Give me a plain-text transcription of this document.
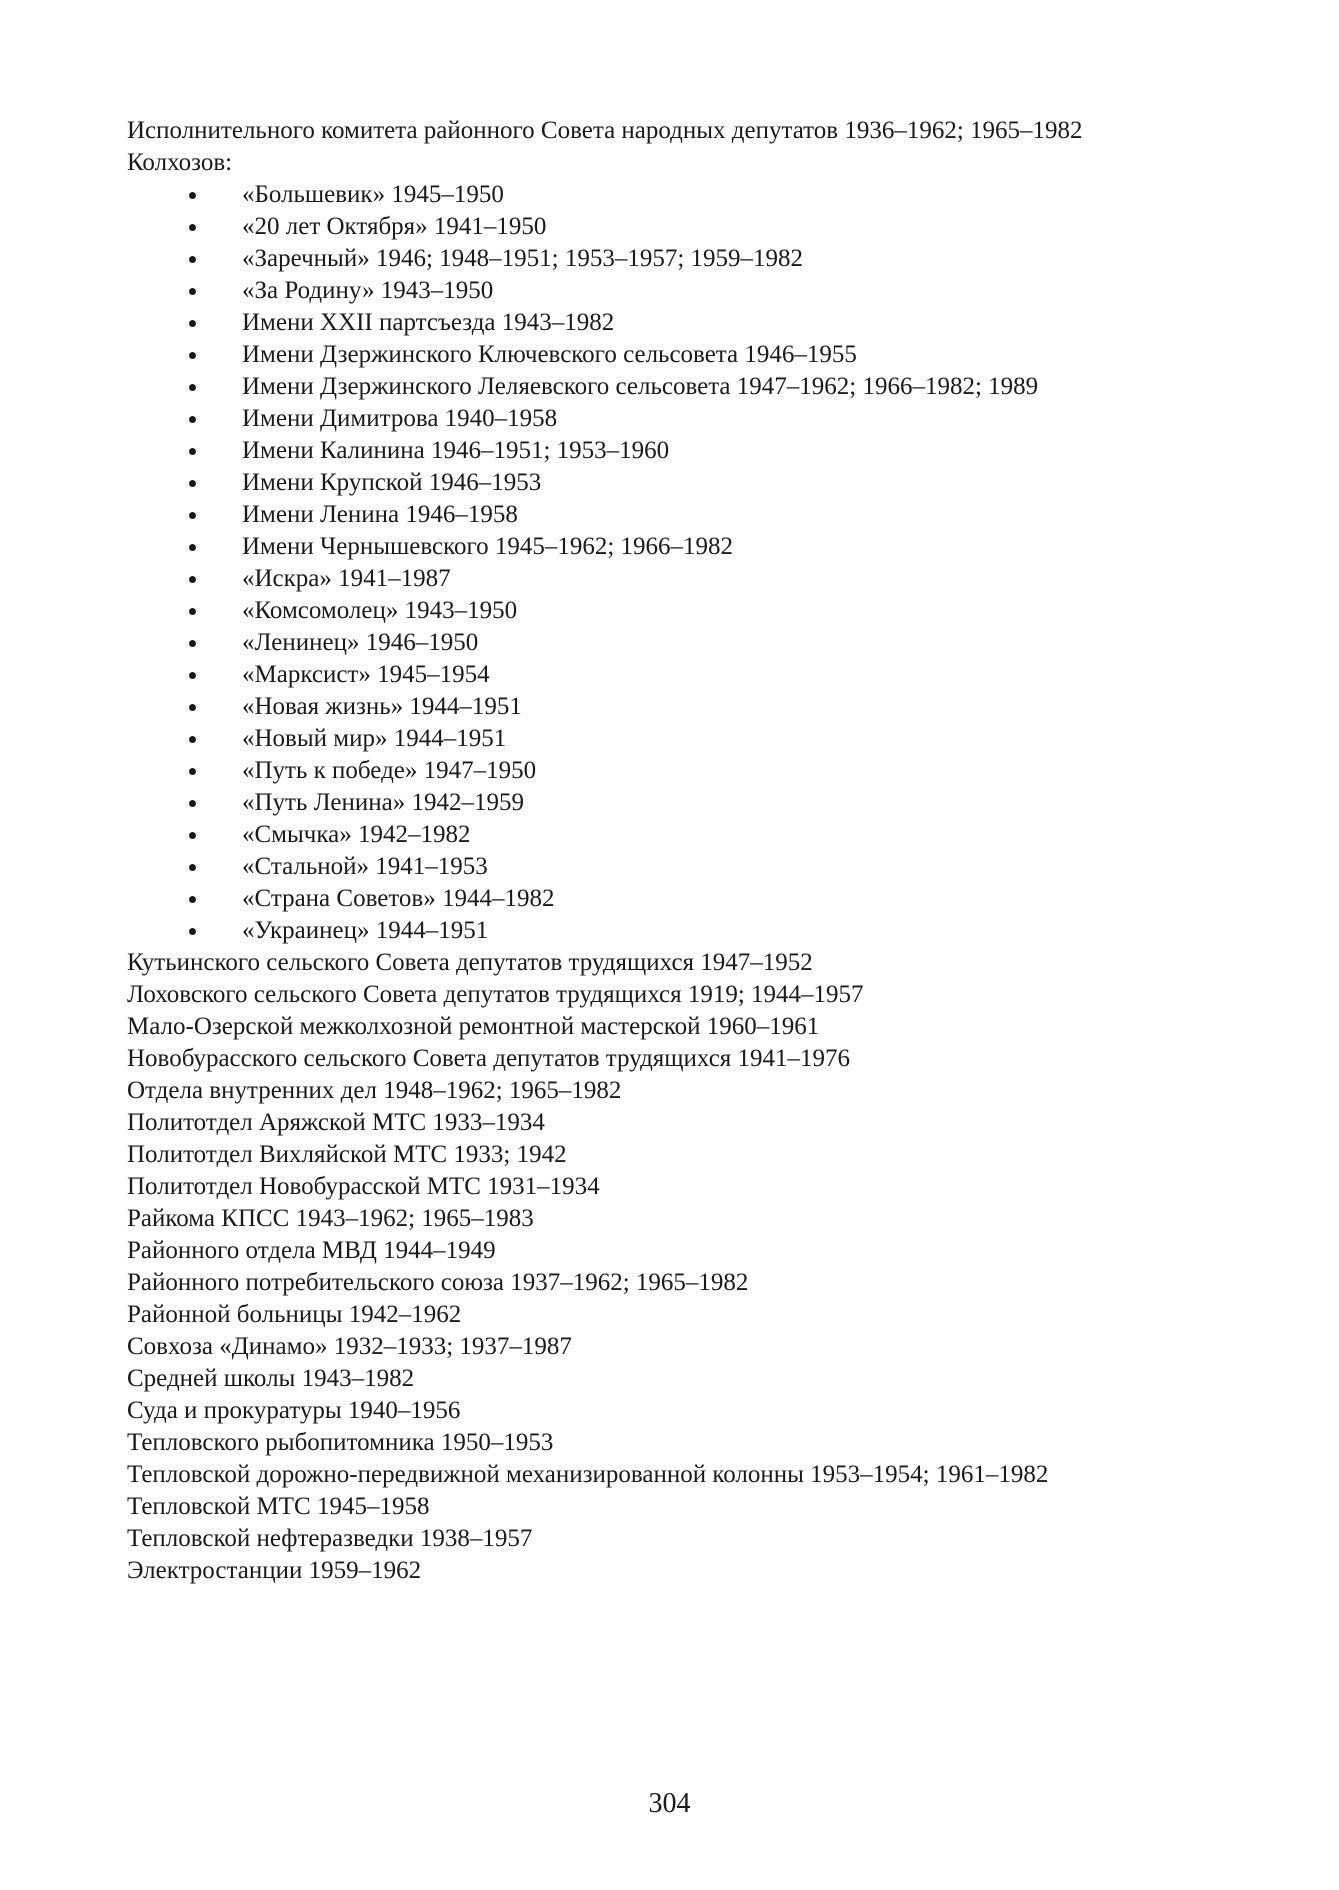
Исполнительного комитета районного Совета народных депутатов 1936–1962; 1965–1982
Колхозов:
«Большевик» 1945–1950
«20 лет Октября» 1941–1950
«Заречный» 1946; 1948–1951; 1953–1957; 1959–1982
«За Родину» 1943–1950
Имени XXII партсъезда 1943–1982
Имени Дзержинского Ключевского сельсовета 1946–1955
Имени Дзержинского Леляевского сельсовета 1947–1962; 1966–1982; 1989
Имени Димитрова 1940–1958
Имени Калинина 1946–1951; 1953–1960
Имени Крупской 1946–1953
Имени Ленина 1946–1958
Имени Чернышевского 1945–1962; 1966–1982
«Искра» 1941–1987
«Комсомолец» 1943–1950
«Ленинец» 1946–1950
«Марксист» 1945–1954
«Новая жизнь» 1944–1951
«Новый мир» 1944–1951
«Путь к победе» 1947–1950
«Путь Ленина» 1942–1959
«Смычка» 1942–1982
«Стальной» 1941–1953
«Страна Советов» 1944–1982
«Украинец» 1944–1951
Кутьинского сельского Совета депутатов трудящихся 1947–1952
Лоховского сельского Совета депутатов трудящихся 1919; 1944–1957
Мало-Озерской межколхозной ремонтной мастерской 1960–1961
Новобурасского сельского Совета депутатов трудящихся 1941–1976
Отдела внутренних дел 1948–1962; 1965–1982
Политотдел Аряжской МТС 1933–1934
Политотдел Вихляйской МТС 1933; 1942
Политотдел Новобурасской МТС 1931–1934
Райкома КПСС 1943–1962; 1965–1983
Районного отдела МВД 1944–1949
Районного потребительского союза 1937–1962; 1965–1982
Районной больницы 1942–1962
Совхоза «Динамо» 1932–1933; 1937–1987
Средней школы 1943–1982
Суда и прокуратуры 1940–1956
Тепловского рыбопитомника 1950–1953
Тепловской дорожно-передвижной механизированной колонны 1953–1954; 1961–1982
Тепловской МТС 1945–1958
Тепловской нефтеразведки 1938–1957
Электростанции 1959–1962
304
